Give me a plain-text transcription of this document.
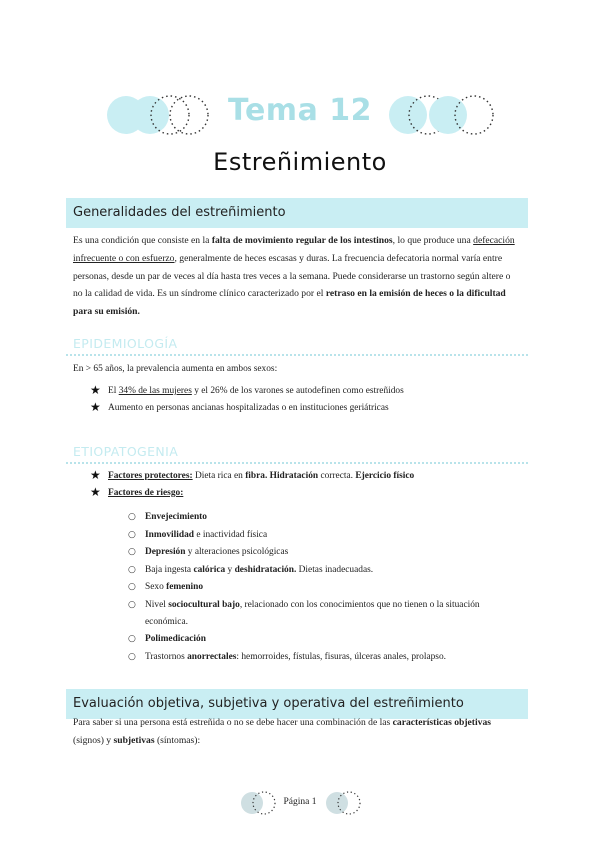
Tema 12
Estreñimiento
Generalidades del estreñimiento
Es una condición que consiste en la falta de movimiento regular de los intestinos, lo que produce una defecación
infrecuente o con esfuerzo, generalmente de heces escasas y duras. La frecuencia defecatoria normal varía entre
personas, desde un par de veces al día hasta tres veces a la semana. Puede considerarse un trastorno según altere o
no la calidad de vida. Es un síndrome clínico caracterizado por el retraso en la emisión de heces o la dificultad
para su emisión.
EPIDEMIOLOGÍA
En > 65 años, la prevalencia aumenta en ambos sexos:
★ El 34% de las mujeres y el 26% de los varones se autodefinen como estreñidos
★ Aumento en personas ancianas hospitalizadas o en instituciones geriátricas
ETIOPATOGENIA
★ Factores protectores: Dieta rica en fibra. Hidratación correcta. Ejercicio físico
★ Factores de riesgo:
○ Envejecimiento
○ Inmovilidad e inactividad física
○ Depresión y alteraciones psicológicas
○ Baja ingesta calórica y deshidratación. Dietas inadecuadas.
○ Sexo femenino
○ Nivel sociocultural bajo, relacionado con los conocimientos que no tienen o la situación
económica.
○ Polimedicación
○ Trastornos anorrectales: hemorroides, fístulas, fisuras, úlceras anales, prolapso.
Evaluación objetiva, subjetiva y operativa del estreñimiento
Para saber si una persona está estreñida o no se debe hacer una combinación de las características objetivas
(signos) y subjetivas (síntomas):
Página 1
